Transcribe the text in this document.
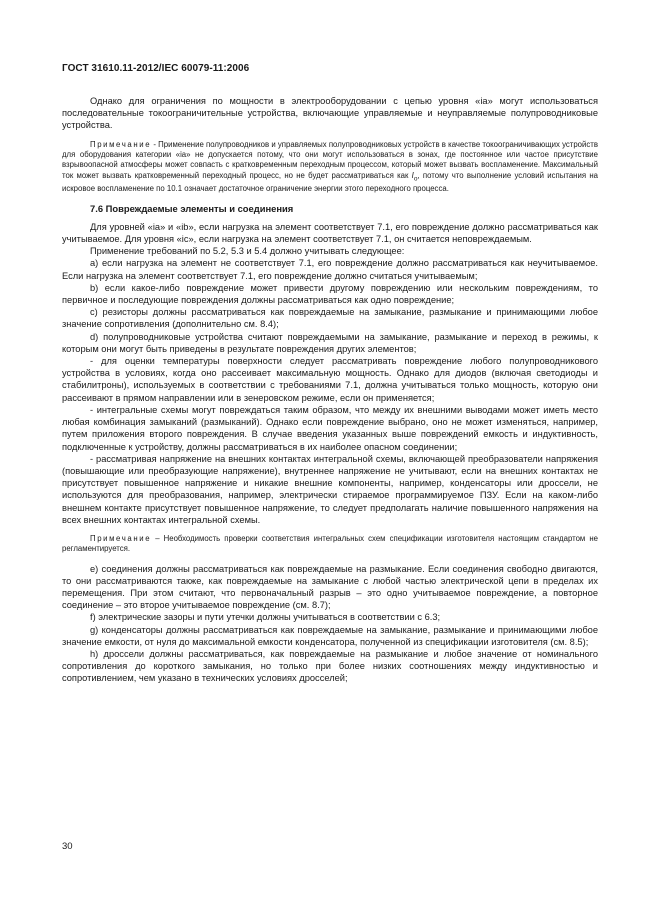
ГОСТ 31610.11-2012/IEC 60079-11:2006

Однако для ограничения по мощности в электрооборудовании с цепью уровня «ia» могут использоваться последовательные токоограничительные устройства, включающие управляемые и неуправляемые полупроводниковые устройства.

Примечание - Применение полупроводников и управляемых полупроводниковых устройств в качестве токоограничивающих устройств для оборудования категории «ia» не допускается потому, что они могут использоваться в зонах, где постоянное или частое присутствие взрывоопасной атмосферы может совпасть с кратковременным переходным процессом, который может вызвать воспламенение. Максимальный ток может вызвать кратковременный переходный процесс, но не будет рассматриваться как $I_o$, потому что выполнение условий испытания на искровое воспламенение по 10.1 означает достаточное ограничение энергии этого переходного процесса.

7.6 Повреждаемые элементы и соединения

Для уровней «ia» и «ib», если нагрузка на элемент соответствует 7.1, его повреждение должно рассматриваться как учитываемое. Для уровня «ic», если нагрузка на элемент соответствует 7.1, он считается неповреждаемым.

Применение требований по 5.2, 5.3 и 5.4 должно учитывать следующее:

a) если нагрузка на элемент не соответствует 7.1, его повреждение должно рассматриваться как неучитываемое. Если нагрузка на элемент соответствует 7.1, его повреждение должно считаться учитываемым;

b) если какое-либо повреждение может привести другому повреждению или нескольким повреждениям, то первичное и последующие повреждения должны рассматриваться как одно повреждение;

c) резисторы должны рассматриваться как повреждаемые на замыкание, размыкание и принимающими любое значение сопротивления (дополнительно см. 8.4);

d) полупроводниковые устройства считают повреждаемыми на замыкание, размыкание и переход в режимы, к которым они могут быть приведены в результате повреждения других элементов;

- для оценки температуры поверхности следует рассматривать повреждение любого полупроводникового устройства в условиях, когда оно рассеивает максимальную мощность. Однако для диодов (включая светодиоды и стабилитроны), используемых в соответствии с требованиями 7.1, должна учитываться только мощность, которую они рассеивают в прямом направлении или в зенеровском режиме, если он применяется;

- интегральные схемы могут повреждаться таким образом, что между их внешними выводами может иметь место любая комбинация замыканий (размыканий). Однако если повреждение выбрано, оно не может изменяться, например, путем приложения второго повреждения. В случае введения указанных выше повреждений емкость и индуктивность, подключенные к устройству, должны рассматриваться в их наиболее опасном соединении;

- рассматривая напряжение на внешних контактах интегральной схемы, включающей преобразователи напряжения (повышающие или преобразующие напряжение), внутреннее напряжение не учитывают, если на внешних контактах не присутствует повышенное напряжение и никакие внешние компоненты, например, конденсаторы или дроссели, не используются для преобразования, например, электрически стираемое программируемое ПЗУ. Если на каком-либо внешнем контакте присутствует повышенное напряжение, то следует предполагать наличие повышенного напряжения на всех внешних контактах интегральной схемы.

Примечание – Необходимость проверки соответствия интегральных схем спецификации изготовителя настоящим стандартом не регламентируется.

e) соединения должны рассматриваться как повреждаемые на размыкание. Если соединения свободно двигаются, то они рассматриваются также, как повреждаемые на замыкание с любой частью электрической цепи в пределах их перемещения. При этом считают, что первоначальный разрыв – это одно учитываемое повреждение, а повторное соединение – это второе учитываемое повреждение (см. 8.7);

f) электрические зазоры и пути утечки должны учитываться в соответствии с 6.3;

g) конденсаторы должны рассматриваться как повреждаемые на замыкание, размыкание и принимающими любое значение емкости, от нуля до максимальной емкости конденсатора, полученной из спецификации изготовителя (см. 8.5);

h) дроссели должны рассматриваться, как повреждаемые на размыкание и любое значение от номинального сопротивления до короткого замыкания, но только при более низких соотношениях между индуктивностью и сопротивлением, чем указано в технических условиях дросселей;

30
